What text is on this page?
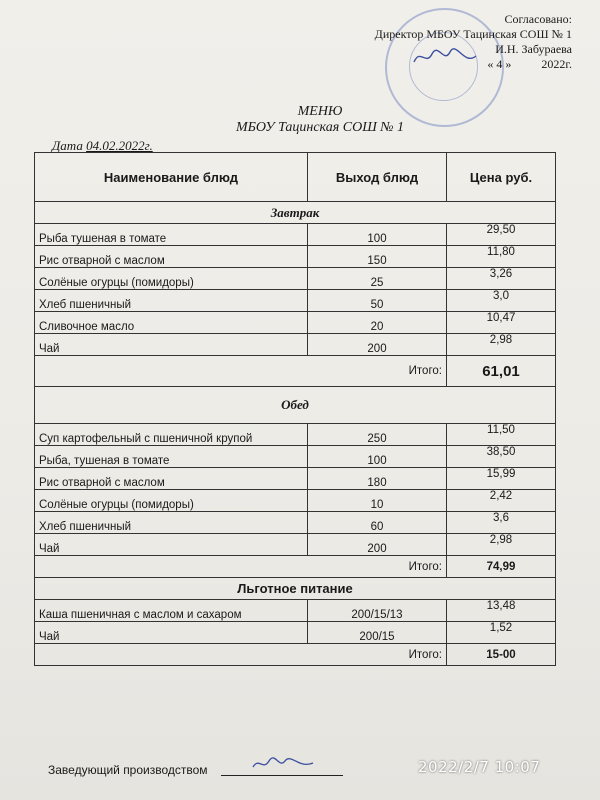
Согласовано:
Директор МБОУ Тацинская СОШ № 1
И.Н. Забураева
« 4 »	2022г.
МЕНЮ
МБОУ Тацинская СОШ № 1
Дата 04.02.2022г.
Наименование блюд	Выход блюд	Цена руб.
Завтрак		
Рыба тушеная в томате	100	29,50
Рис отварной с маслом	150	11,80
Солёные огурцы (помидоры)	25	3,26
Хлеб пшеничный	50	3,0
Сливочное масло	20	10,47
Чай	200	2,98
Итого:		61,01
Обед		
Суп картофельный с пшеничной крупой	250	11,50
Рыба, тушеная в томате	100	38,50
Рис отварной с маслом	180	15,99
Солёные огурцы (помидоры)	10	2,42
Хлеб пшеничный	60	3,6
Чай	200	2,98
Итого:		74,99
Льготное питание		
Каша пшеничная с маслом и сахаром	200/15/13	13,48
Чай	200/15	1,52
Итого:		15-00
Заведующий производством	2022/2/7 10:07
